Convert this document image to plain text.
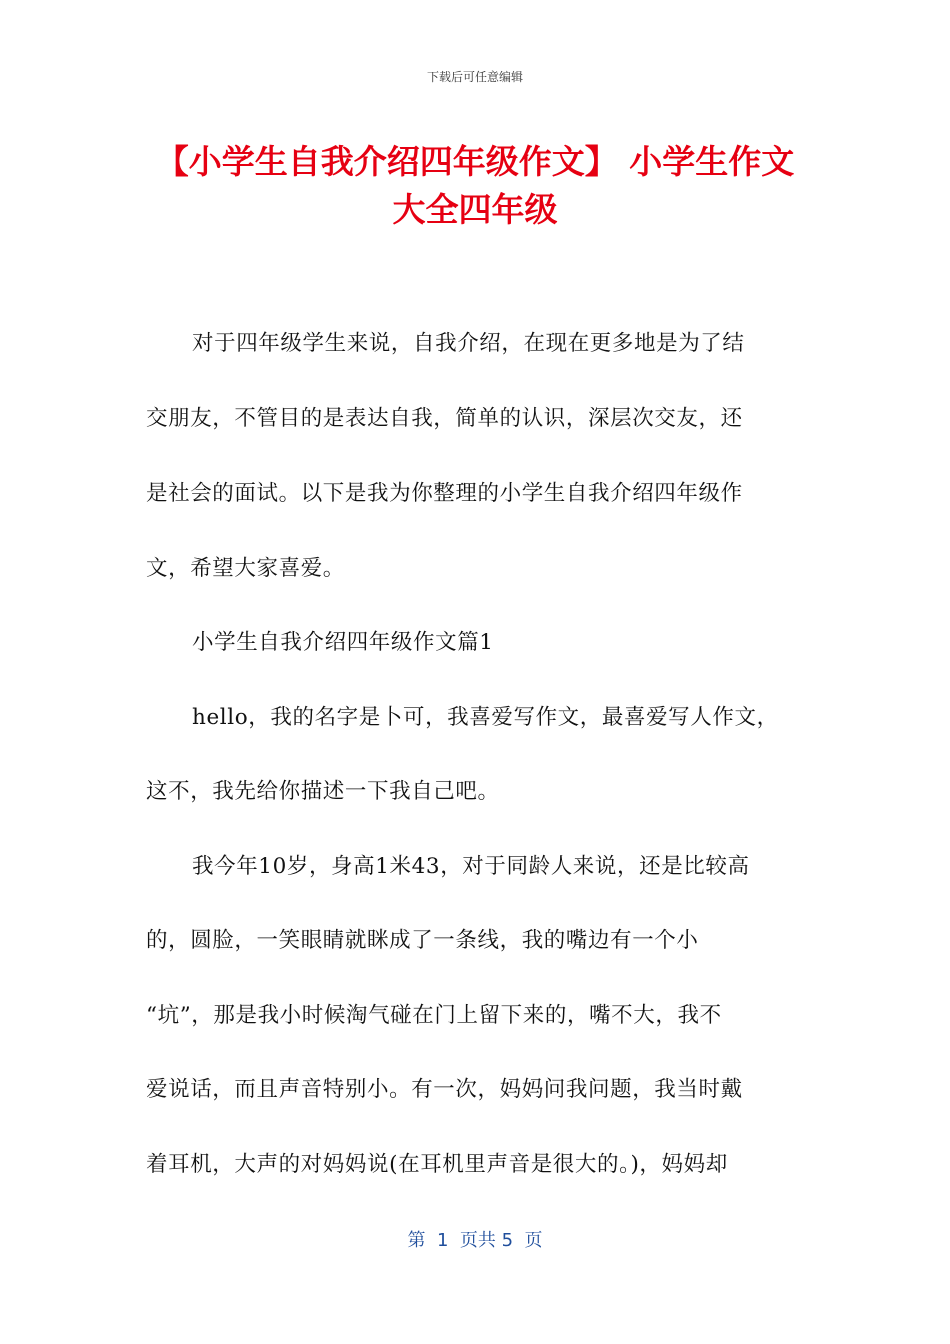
下载后可任意编辑
【小学生自我介绍四年级作文】 小学生作文
大全四年级
对于四年级学生来说，自我介绍，在现在更多地是为了结
交朋友，不管目的是表达自我，简单的认识，深层次交友，还
是社会的面试。以下是我为你整理的小学生自我介绍四年级作
文，希望大家喜爱。
小学生自我介绍四年级作文篇1
hello，我的名字是卜可，我喜爱写作文，最喜爱写人作文，
这不，我先给你描述一下我自己吧。
我今年10岁，身高1米43，对于同龄人来说，还是比较高
的，圆脸，一笑眼睛就眯成了一条线，我的嘴边有一个小
“坑”，那是我小时候淘气碰在门上留下来的，嘴不大，我不
爱说话，而且声音特别小。有一次，妈妈问我问题，我当时戴
着耳机，大声的对妈妈说(在耳机里声音是很大的。)，妈妈却
第  1  页共 5  页
